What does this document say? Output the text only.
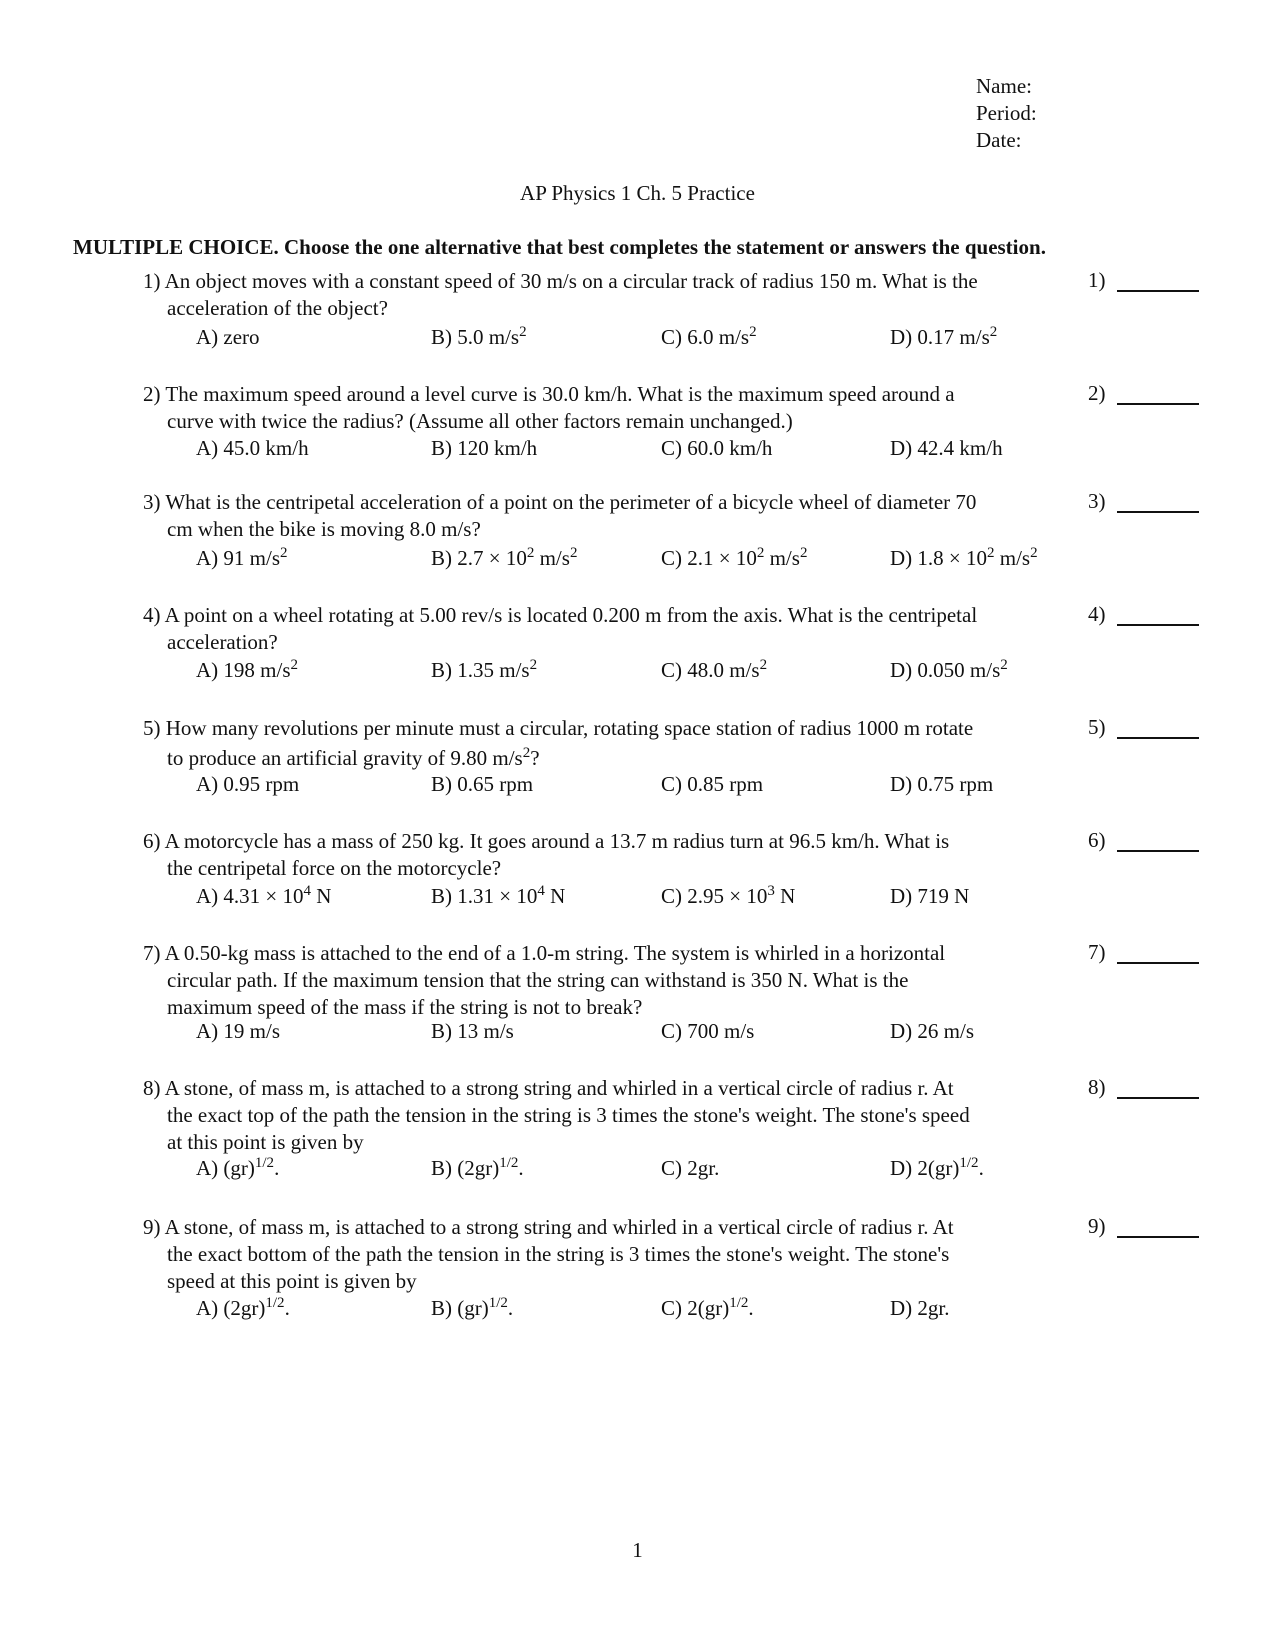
Name:
Period:
Date:
AP Physics 1 Ch. 5 Practice
MULTIPLE CHOICE. Choose the one alternative that best completes the statement or answers the question.
1) An object moves with a constant speed of 30 m/s on a circular track of radius 150 m. What is the
acceleration of the object?
A) zero	B) 5.0 $m/s^2$	C) 6.0 $m/s^2$	D) 0.17 $m/s^2$
1)
2) The maximum speed around a level curve is 30.0 km/h. What is the maximum speed around a
curve with twice the radius? (Assume all other factors remain unchanged.)
A) 45.0 km/h	B) 120 km/h	C) 60.0 km/h	D) 42.4 km/h
2)
3) What is the centripetal acceleration of a point on the perimeter of a bicycle wheel of diameter 70
cm when the bike is moving 8.0 m/s?
A) 91 $m/s^2$	B) $2.7 \times 10^2$ $m/s^2$	C) $2.1 \times 10^2$ $m/s^2$	D) $1.8 \times 10^2$ $m/s^2$
3)
4) A point on a wheel rotating at 5.00 rev/s is located 0.200 m from the axis. What is the centripetal
acceleration?
A) 198 $m/s^2$	B) 1.35 $m/s^2$	C) 48.0 $m/s^2$	D) 0.050 $m/s^2$
4)
5) How many revolutions per minute must a circular, rotating space station of radius 1000 m rotate
to produce an artificial gravity of 9.80 $m/s^2$?
A) 0.95 rpm	B) 0.65 rpm	C) 0.85 rpm	D) 0.75 rpm
5)
6) A motorcycle has a mass of 250 kg. It goes around a 13.7 m radius turn at 96.5 km/h. What is
the centripetal force on the motorcycle?
A) $4.31 \times 10^4$ N	B) $1.31 \times 10^4$ N	C) $2.95 \times 10^3$ N	D) 719 N
6)
7) A 0.50-kg mass is attached to the end of a 1.0-m string. The system is whirled in a horizontal
circular path. If the maximum tension that the string can withstand is 350 N. What is the
maximum speed of the mass if the string is not to break?
A) 19 m/s	B) 13 m/s	C) 700 m/s	D) 26 m/s
7)
8) A stone, of mass m, is attached to a strong string and whirled in a vertical circle of radius r. At
the exact top of the path the tension in the string is 3 times the stone's weight. The stone's speed
at this point is given by
A) (gr)$^{1/2}$.	B) $(2gr)^{1/2}$.	C) 2gr.	D) 2(gr)$^{1/2}$.
8)
9) A stone, of mass m, is attached to a strong string and whirled in a vertical circle of radius r. At
the exact bottom of the path the tension in the string is 3 times the stone's weight. The stone's
speed at this point is given by
A) $(2gr)^{1/2}$.	B) (gr)$^{1/2}$.	C) 2(gr)$^{1/2}$.	D) 2gr.
9)
1
